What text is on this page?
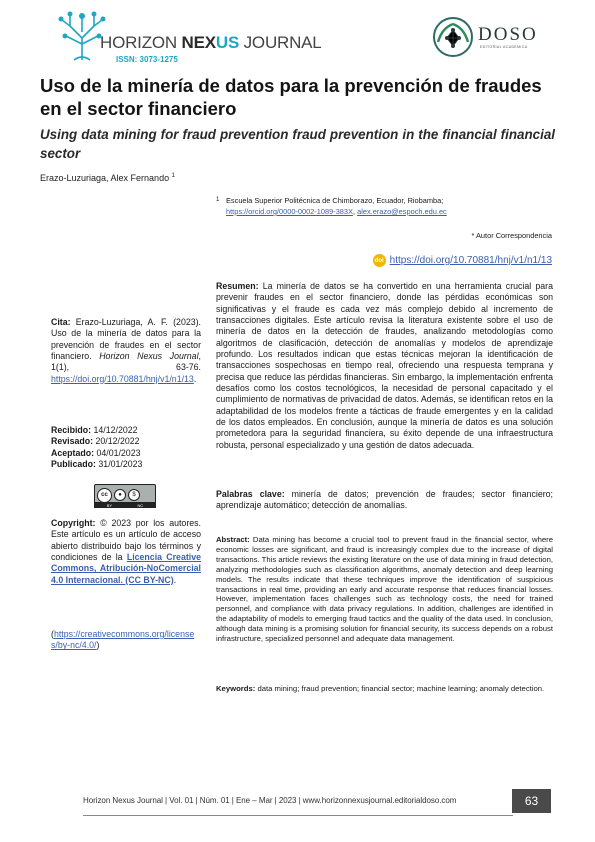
HORIZON NEXUS JOURNAL
ISSN: 3073-1275
DOSO
EDITORIAL ACADÉMICA
Uso de la minería de datos para la prevención de fraudes en el sector financiero
Using data mining for fraud prevention fraud prevention in the financial financial sector
Erazo-Luzuriaga, Alex Fernando $^1$
1 Escuela Superior Politécnica de Chimborazo, Ecuador, Riobamba;
https://orcid.org/0000-0002-1089-383X, alex.erazo@espoch.edu.ec
* Autor Correspondencia
doi https://doi.org/10.70881/hnj/v1/n1/13
Resumen: La minería de datos se ha convertido en una herramienta crucial para prevenir fraudes en el sector financiero, donde las pérdidas económicas son significativas y el fraude es cada vez más complejo debido al incremento de transacciones digitales. Este artículo revisa la literatura existente sobre el uso de minería de datos en la detección de fraudes, analizando metodologías como algoritmos de clasificación, detección de anomalías y modelos de aprendizaje profundo. Los resultados indican que estas técnicas mejoran la identificación de transacciones sospechosas en tiempo real, ofreciendo una respuesta temprana y precisa que reduce las pérdidas financieras. Sin embargo, la implementación enfrenta desafíos como los costos tecnológicos, la necesidad de personal capacitado y el cumplimiento de normativas de privacidad de datos. Además, se identifican retos en la adaptabilidad de los modelos frente a tácticas de fraude emergentes y en la calidad de los datos empleados. En conclusión, aunque la minería de datos es una solución prometedora para la seguridad financiera, su éxito depende de una infraestructura robusta, personal especializado y una gestión de datos adecuada.
Palabras clave: minería de datos; prevención de fraudes; sector financiero; aprendizaje automático; detección de anomalías.
Abstract: Data mining has become a crucial tool to prevent fraud in the financial sector, where economic losses are significant, and fraud is increasingly complex due to the increase of digital transactions. This article reviews the existing literature on the use of data mining in fraud detection, analyzing methodologies such as classification algorithms, anomaly detection and deep learning models. The results indicate that these techniques improve the identification of suspicious transactions in real time, providing an early and accurate response that reduces financial losses. However, implementation faces challenges such as technology costs, the need for trained personnel, and compliance with data privacy regulations. In addition, challenges are identified in the adaptability of models to emerging fraud tactics and the quality of the data used. In conclusion, although data mining is a promising solution for financial security, its success depends on a robust infrastructure, specialized personnel and adequate data management.
Keywords: data mining; fraud prevention; financial sector; machine learning; anomaly detection.
Cita: Erazo-Luzuriaga, A. F. (2023). Uso de la minería de datos para la prevención de fraudes en el sector financiero. Horizon Nexus Journal, 1(1), 63-76. https://doi.org/10.70881/hnj/v1/n1/13.
Recibido: 14/12/2022
Revisado: 20/12/2022
Aceptado: 04/01/2023
Publicado: 31/01/2023
cc	●	$
BY	NC
Copyright: © 2023 por los autores. Este artículo es un artículo de acceso abierto distribuido bajo los términos y condiciones de la Licencia Creative Commons, Atribución-NoComercial 4.0 Internacional. (CC BY-NC).
(https://creativecommons.org/licenses/by-nc/4.0/)
Horizon Nexus Journal | Vol. 01 | Núm. 01 | Ene – Mar | 2023 | www.horizonnexusjournal.editorialdoso.com	63
